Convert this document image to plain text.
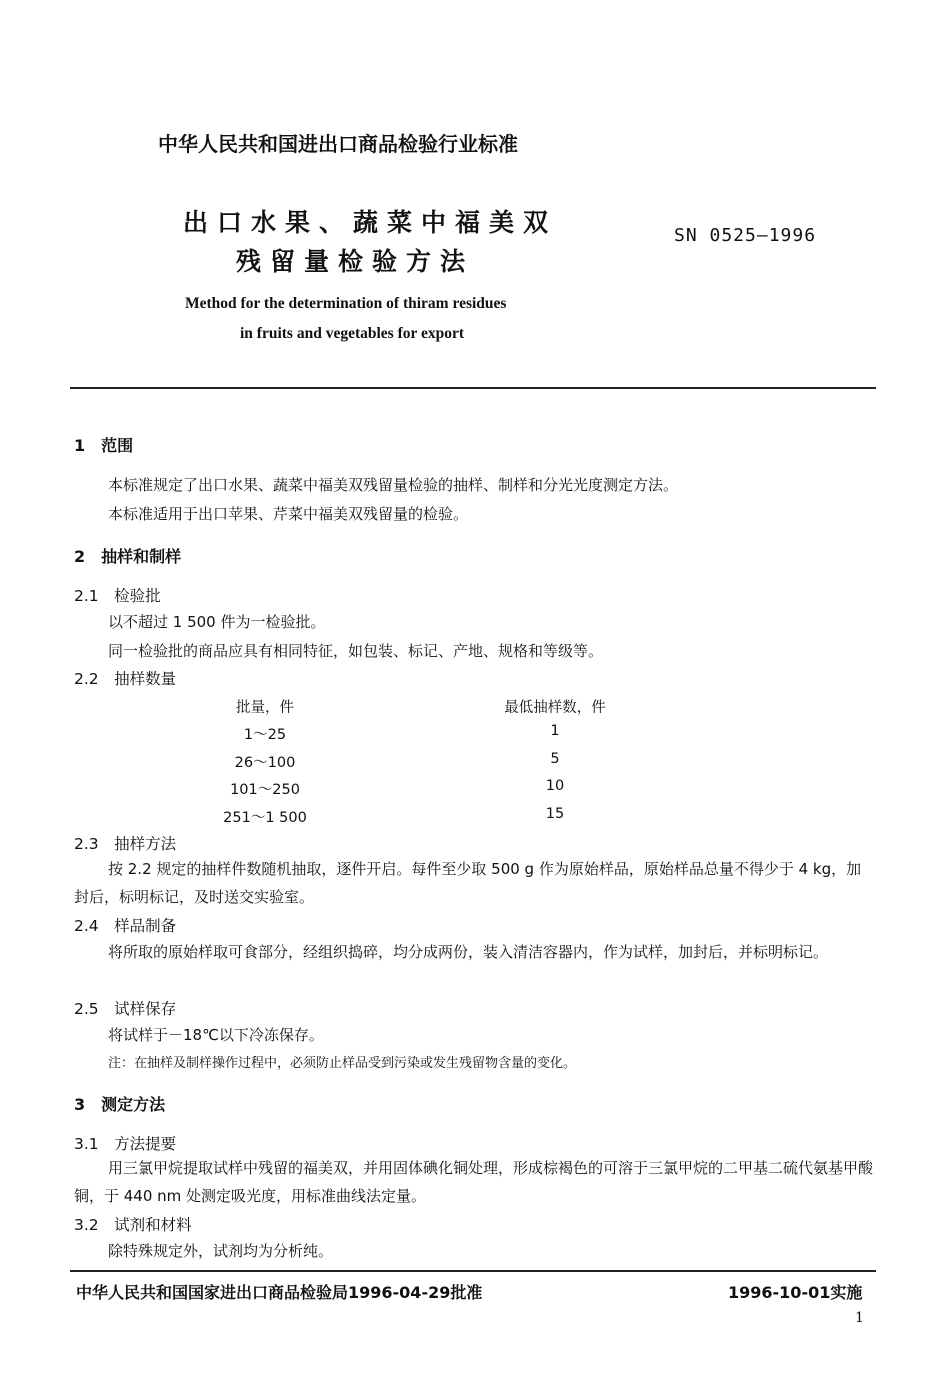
中华人民共和国进出口商品检验行业标准
出口水果、蔬菜中福美双
残留量检验方法
SN 0525—1996
Method for the determination of thiram residues
in fruits and vegetables for export
1　范围
本标准规定了出口水果、蔬菜中福美双残留量检验的抽样、制样和分光光度测定方法。
本标准适用于出口苹果、芹菜中福美双残留量的检验。
2　抽样和制样
2.1　检验批
以不超过 1 500 件为一检验批。
同一检验批的商品应具有相同特征，如包装、标记、产地、规格和等级等。
2.2　抽样数量
批量，件	最低抽样数，件
1～25	1
26～100	5
101～250	10
251～1 500	15
2.3　抽样方法
按 2.2 规定的抽样件数随机抽取，逐件开启。每件至少取 500 g 作为原始样品，原始样品总量不得少于 4 kg，加封后，标明标记，及时送交实验室。
2.4　样品制备
将所取的原始样取可食部分，经组织捣碎，均分成两份，装入清洁容器内，作为试样，加封后，并标明标记。
2.5　试样保存
将试样于－18℃以下冷冻保存。
注：在抽样及制样操作过程中，必须防止样品受到污染或发生残留物含量的变化。
3　测定方法
3.1　方法提要
用三氯甲烷提取试样中残留的福美双，并用固体碘化铜处理，形成棕褐色的可溶于三氯甲烷的二甲基二硫代氨基甲酸铜，于 440 nm 处测定吸光度，用标准曲线法定量。
3.2　试剂和材料
除特殊规定外，试剂均为分析纯。
中华人民共和国国家进出口商品检验局1996-04-29批准	1996-10-01实施
1
